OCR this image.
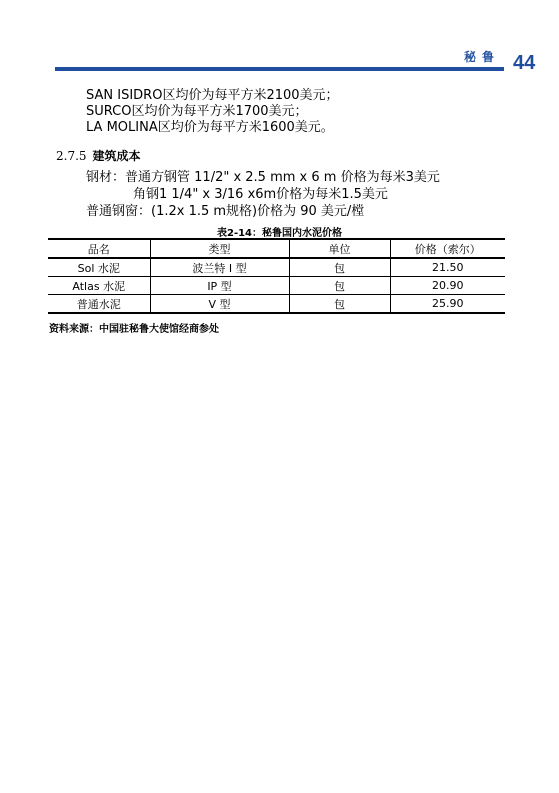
秘鲁 44
SAN ISIDRO区均价为每平方米2100美元；
SURCO区均价为每平方米1700美元；
LA MOLINA区均价为每平方米1600美元。
2.7.5 建筑成本
钢材：普通方钢管 11/2" x 2.5 mm x 6 m 价格为每米3美元
角钢1 1/4" x 3/16 x6m价格为每米1.5美元
普通钢窗：(1.2x 1.5 m规格)价格为 90 美元/樘
表2-14：秘鲁国内水泥价格
品名	类型	单位	价格（索尔）
Sol 水泥	波兰特 I 型	包	21.50
Atlas 水泥	IP 型	包	20.90
普通水泥	V 型	包	25.90
资料来源：中国驻秘鲁大使馆经商参处
